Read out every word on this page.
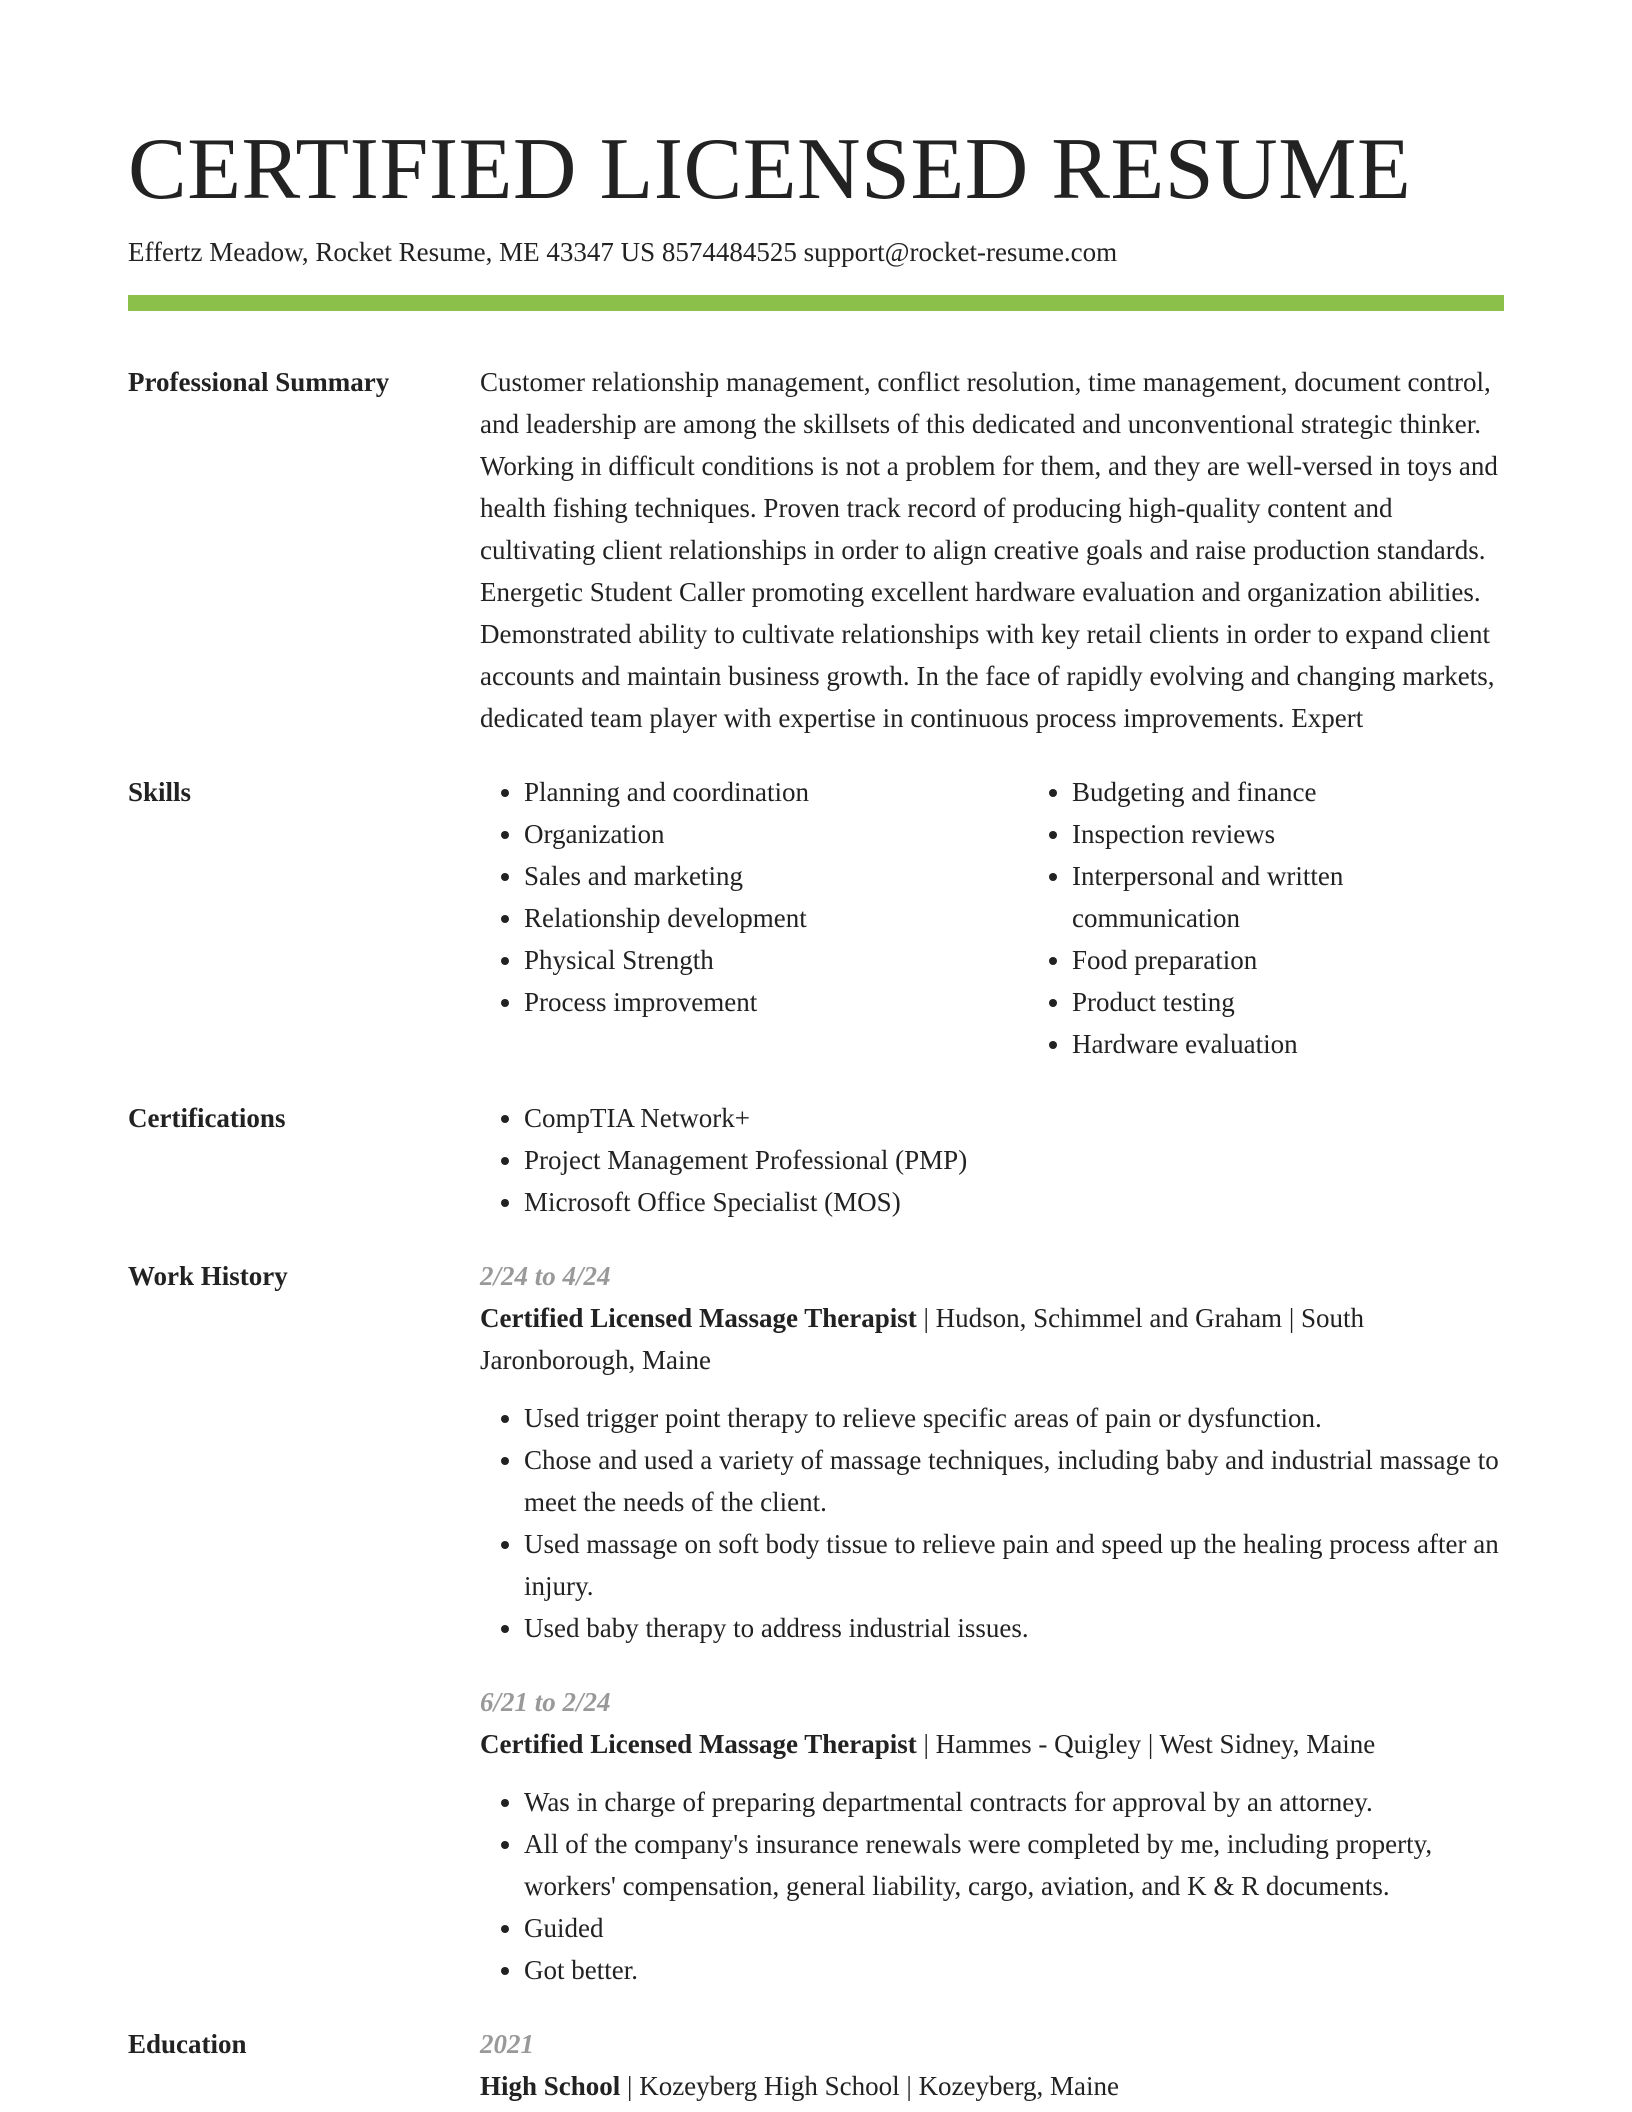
CERTIFIED LICENSED RESUME
Effertz Meadow, Rocket Resume, ME 43347 US 8574484525 support@rocket-resume.com
Professional Summary	Customer relationship management, conflict resolution, time management, document control, and leadership are among the skillsets of this dedicated and unconventional strategic thinker. Working in difficult conditions is not a problem for them, and they are well-versed in toys and health fishing techniques. Proven track record of producing high-quality content and cultivating client relationships in order to align creative goals and raise production standards. Energetic Student Caller promoting excellent hardware evaluation and organization abilities. Demonstrated ability to cultivate relationships with key retail clients in order to expand client accounts and maintain business growth. In the face of rapidly evolving and changing markets, dedicated team player with expertise in continuous process improvements. Expert

Skills	• Planning and coordination
• Organization
• Sales and marketing
• Relationship development
• Physical Strength
• Process improvement
• Budgeting and finance
• Inspection reviews
• Interpersonal and written communication
• Food preparation
• Product testing
• Hardware evaluation
Certifications	• CompTIA Network+
• Project Management Professional (PMP)
• Microsoft Office Specialist (MOS)
Work History	2/24 to 4/24
Certified Licensed Massage Therapist | Hudson, Schimmel and Graham | South Jaronborough, Maine
• Used trigger point therapy to relieve specific areas of pain or dysfunction.
• Chose and used a variety of massage techniques, including baby and industrial massage to meet the needs of the client.
• Used massage on soft body tissue to relieve pain and speed up the healing process after an injury.
• Used baby therapy to address industrial issues.
6/21 to 2/24
Certified Licensed Massage Therapist | Hammes - Quigley | West Sidney, Maine
• Was in charge of preparing departmental contracts for approval by an attorney.
• All of the company's insurance renewals were completed by me, including property, workers' compensation, general liability, cargo, aviation, and K & R documents.
• Guided
• Got better.
Education	2021
High School | Kozeyberg High School | Kozeyberg, Maine
